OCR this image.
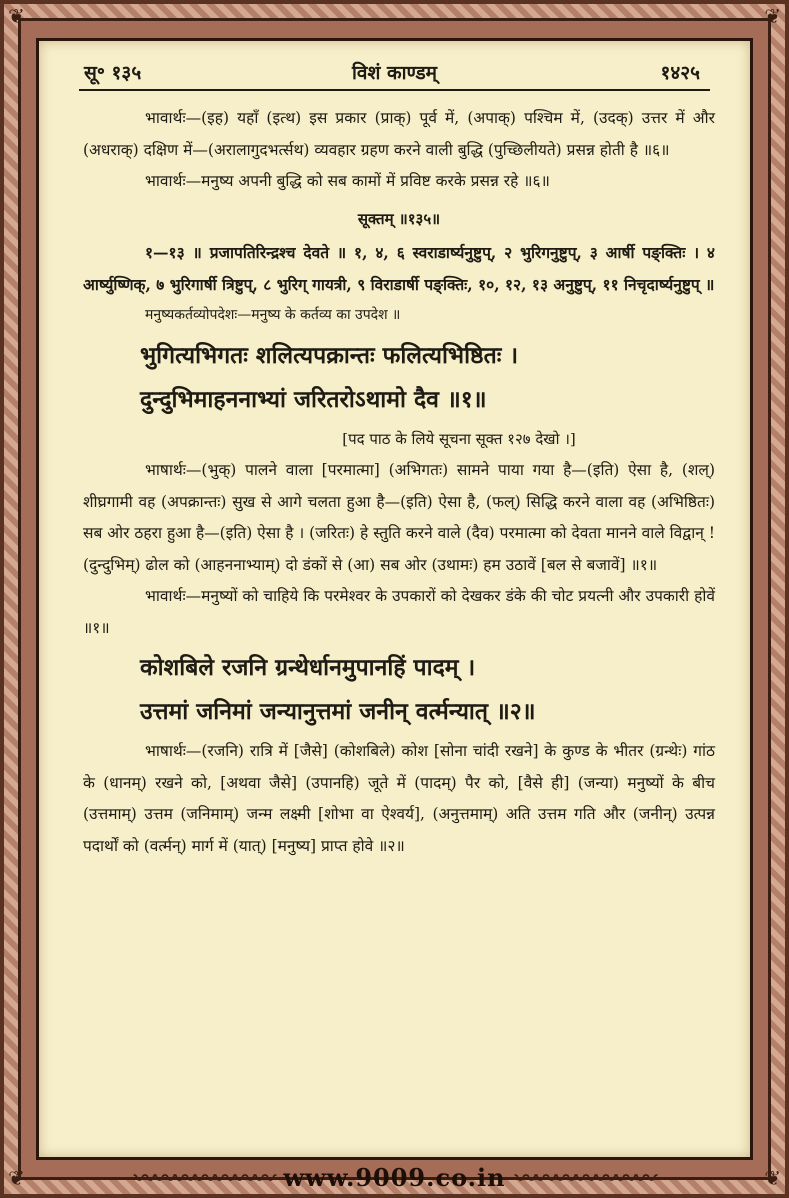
❦	❦
❦	❦
सू॰ १३५	विशं काण्डम्	१४२५

भावार्थः—(इह) यहाँ (इत्थ) इस प्रकार (प्राक्) पूर्व में, (अपाक्) पश्चिम में, (उदक्) उत्तर में और (अधराक्) दक्षिण में—(अरालागुदभर्त्सथ) व्यवहार ग्रहण करने वाली बुद्धि (पुच्छिलीयते) प्रसन्न होती है ॥६॥

भावार्थः—मनुष्य अपनी बुद्धि को सब कामों में प्रविष्ट करके प्रसन्न रहे ॥६॥

सूक्तम् ॥१३५॥

१—१३ ॥ प्रजापतिरिन्द्रश्च देवते ॥ १, ४, ६ स्वराडार्ष्यनुष्टुप्, २ भुरिगनुष्टुप्, ३ आर्षी पङ्क्तिः । ४ आर्ष्युष्णिक्, ७ भुरिगार्षी त्रिष्टुप्, ८ भुरिग् गायत्री, ९ विराडार्षी पङ्क्तिः, १०, १२, १३ अनुष्टुप्, ११ निचृदार्ष्यनुष्टुप् ॥

मनुष्यकर्तव्योपदेशः—मनुष्य के कर्तव्य का उपदेश ॥

भुगित्यभिगतः शलित्यपक्रान्तः फलित्यभिष्ठितः ।

दुन्दुभिमाहननाभ्यां जरितरोऽथामो दैव ॥१॥

[पद पाठ के लिये सूचना सूक्त १२७ देखो ।]

भाषार्थः—(भुक्) पालने वाला [परमात्मा] (अभिगतः) सामने पाया गया है—(इति) ऐसा है, (शल्) शीघ्रगामी वह (अपक्रान्तः) सुख से आगे चलता हुआ है—(इति) ऐसा है, (फल्) सिद्धि करने वाला वह (अभिष्ठितः) सब ओर ठहरा हुआ है—(इति) ऐसा है । (जरितः) हे स्तुति करने वाले (दैव) परमात्मा को देवता मानने वाले विद्वान् ! (दुन्दुभिम्) ढोल को (आहननाभ्याम्) दो डंकों से (आ) सब ओर (उथामः) हम उठावें [बल से बजावें] ॥१॥

भावार्थः—मनुष्यों को चाहिये कि परमेश्वर के उपकारों को देखकर डंके की चोट प्रयत्नी और उपकारी होवें ॥१॥

कोशबिले रजनि ग्रन्थेर्धानमुपानहिं पादम् ।

उत्तमां जनिमां जन्यानुत्तमां जनीन् वर्त्मन्यात् ॥२॥

भाषार्थः—(रजनि) रात्रि में [जैसे] (कोशबिले) कोश [सोना चांदी रखने] के कुण्ड के भीतर (ग्रन्थेः) गांठ के (धानम्) रखने को, [अथवा जैसे] (उपानहि) जूते में (पादम्) पैर को, [वैसे ही] (जन्या) मनुष्यों के बीच (उत्तमाम्) उत्तम (जनिमाम्) जन्म लक्ष्मी [शोभा वा ऐश्वर्य], (अनुत्तमाम्) अति उत्तम गति और (जनीन्) उत्पन्न पदार्थों को (वर्त्मन्) मार्ग में (यात्) [मनुष्य] प्राप्त होवे ॥२॥

〰〰〰〰〰〰〰 www.9009.co.in 〰〰〰〰〰〰〰
